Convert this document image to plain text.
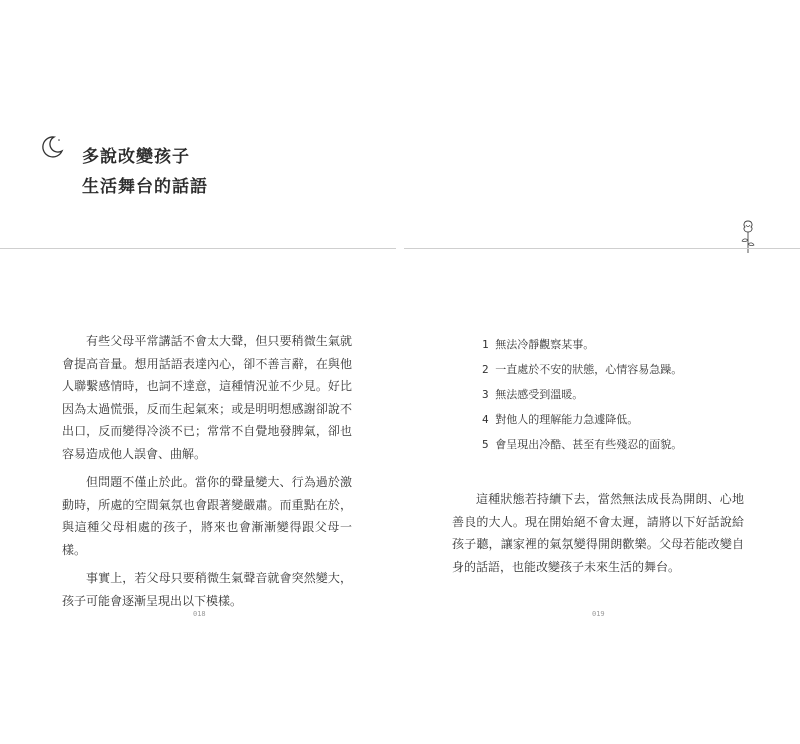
多說改變孩子
生活舞台的話語

有些父母平常講話不會太大聲，但只要稍微生氣就會提高音量。想用話語表達內心，卻不善言辭，在與他人聯繫感情時，也詞不達意，這種情況並不少見。好比因為太過慌張，反而生起氣來；或是明明想感謝卻說不出口，反而變得冷淡不已；常常不自覺地發脾氣，卻也容易造成他人誤會、曲解。

但問題不僅止於此。當你的聲量變大、行為過於激動時，所處的空間氣氛也會跟著變嚴肅。而重點在於，與這種父母相處的孩子，將來也會漸漸變得跟父母一樣。

事實上，若父母只要稍微生氣聲音就會突然變大，孩子可能會逐漸呈現出以下模樣。

1 無法冷靜觀察某事。
2 一直處於不安的狀態，心情容易急躁。
3 無法感受到溫暖。
4 對他人的理解能力急遽降低。
5 會呈現出冷酷、甚至有些殘忍的面貌。

這種狀態若持續下去，當然無法成長為開朗、心地善良的大人。現在開始絕不會太遲，請將以下好話說給孩子聽，讓家裡的氣氛變得開朗歡樂。父母若能改變自身的話語，也能改變孩子未來生活的舞台。

018	019
